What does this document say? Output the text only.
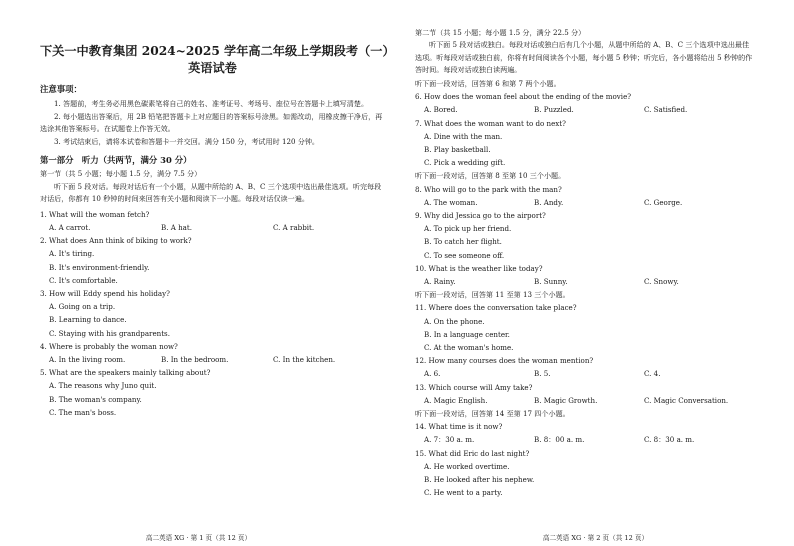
下关一中教育集团 2024~2025 学年高二年级上学期段考（一）
英语试卷
注意事项：
1. 答题前，考生务必用黑色碳素笔将自己的姓名、准考证号、考场号、座位号在答题卡上填写清楚。
2. 每小题选出答案后，用 2B 铅笔把答题卡上对应题目的答案标号涂黑。如需改动，用橡皮擦干净后，再选涂其他答案标号。在试题卷上作答无效。
3. 考试结束后，请将本试卷和答题卡一并交回。满分 150 分，考试用时 120 分钟。
第一部分　听力（共两节，满分 30 分）
第一节（共 5 小题；每小题 1.5 分，满分 7.5 分）
听下面 5 段对话。每段对话后有一个小题，从题中所给的 A、B、C 三个选项中选出最佳选项。听完每段对话后，你都有 10 秒钟的时间来回答有关小题和阅读下一小题。每段对话仅读一遍。
1. What will the woman fetch?
A. A carrot.	B. A hat.	C. A rabbit.
2. What does Ann think of biking to work?
A. It's tiring.
B. It's environment-friendly.
C. It's comfortable.
3. How will Eddy spend his holiday?
A. Going on a trip.
B. Learning to dance.
C. Staying with his grandparents.
4. Where is probably the woman now?
A. In the living room.	B. In the bedroom.	C. In the kitchen.
5. What are the speakers mainly talking about?
A. The reasons why Juno quit.
B. The woman's company.
C. The man's boss.
高二英语 XG · 第 1 页（共 12 页）
第二节（共 15 小题；每小题 1.5 分，满分 22.5 分）
听下面 5 段对话或独白。每段对话或独白后有几个小题，从题中所给的 A、B、C 三个选项中选出最佳选项。听每段对话或独白前，你将有时间阅读各个小题，每小题 5 秒钟；听完后，各小题将给出 5 秒钟的作答时间。每段对话或独白读两遍。
听下面一段对话，回答第 6 和第 7 两个小题。
6. How does the woman feel about the ending of the movie?
A. Bored.	B. Puzzled.	C. Satisfied.
7. What does the woman want to do next?
A. Dine with the man.
B. Play basketball.
C. Pick a wedding gift.
听下面一段对话，回答第 8 至第 10 三个小题。
8. Who will go to the park with the man?
A. The woman.	B. Andy.	C. George.
9. Why did Jessica go to the airport?
A. To pick up her friend.
B. To catch her flight.
C. To see someone off.
10. What is the weather like today?
A. Rainy.	B. Sunny.	C. Snowy.
听下面一段对话，回答第 11 至第 13 三个小题。
11. Where does the conversation take place?
A. On the phone.
B. In a language center.
C. At the woman's home.
12. How many courses does the woman mention?
A. 6.	B. 5.	C. 4.
13. Which course will Amy take?
A. Magic English.	B. Magic Growth.	C. Magic Conversation.
听下面一段对话，回答第 14 至第 17 四个小题。
14. What time is it now?
A. 7：30 a. m.	B. 8：00 a. m.	C. 8：30 a. m.
15. What did Eric do last night?
A. He worked overtime.
B. He looked after his nephew.
C. He went to a party.
高二英语 XG · 第 2 页（共 12 页）
